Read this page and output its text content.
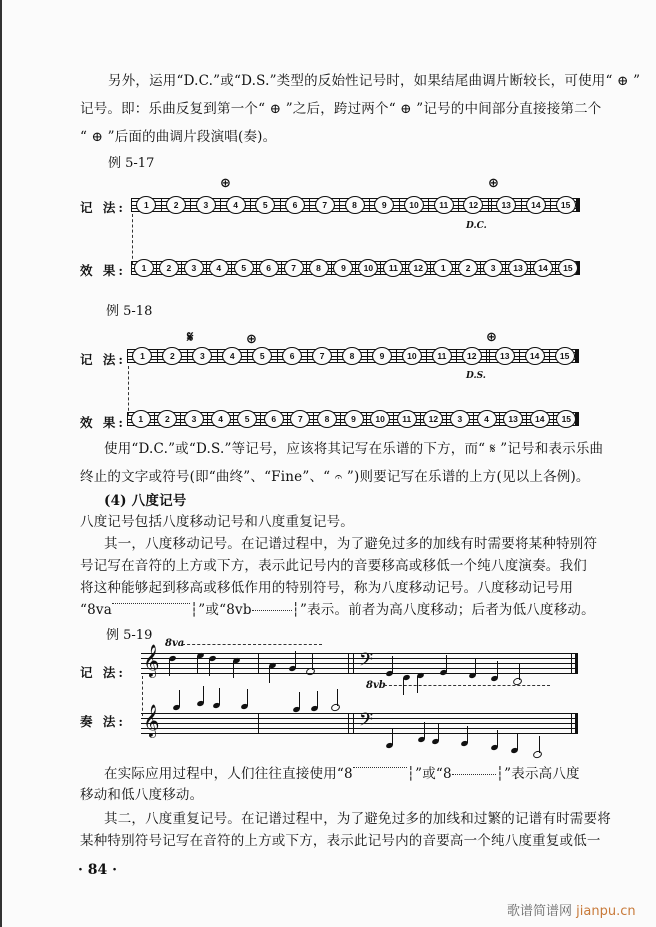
另外，运用“D.C.”或“D.S.”类型的反始性记号时，如果结尾曲调片断较长，可使用“ ⊕ ”
记号。即：乐曲反复到第一个“ ⊕ ”之后，跨过两个“ ⊕ ”记号的中间部分直接接第二个
“ ⊕ ”后面的曲调片段演唱(奏)。
例 5-17
⊕	⊕
记 法:	1	2	3	4	5	6	7	8	9	10	11	12	13	14	15
D.C.
效 果:	1	2	3	4	5	6	7	8	9	10	11	12	1	2	3	13	14	15
例 5-18
𝄋	⊕	⊕
记 法:	1	2	3	4	5	6	7	8	9	10	11	12	13	14	15
D.S.
效 果:	1	2	3	4	5	6	7	8	9	10	11	12	3	4	13	14	15
使用“D.C.”或“D.S.”等记号，应该将其记写在乐谱的下方，而“ 𝄋 ”记号和表示乐曲
终止的文字或符号(即“曲终”、“Fine”、“ 𝄐 ”)则要记写在乐谱的上方(见以上各例)。
(4) 八度记号
八度记号包括八度移动记号和八度重复记号。
其一，八度移动记号。在记谱过程中，为了避免过多的加线有时需要将某种特别符
号记写在音符的上方或下方，表示此记号内的音要移高或移低一个纯八度演奏。我们
将这种能够起到移高或移低作用的特别符号，称为八度移动记号。八度移动记号用
“8va	┆”或“8vb	┆”表示。前者为高八度移动；后者为低八度移动。
例 5-19
8va
记 法: 𝄞	𝄢
8vb
奏 法: 𝄞	𝄢
在实际应用过程中，人们往往直接使用“8	┆”或“8	┆”表示高八度
移动和低八度移动。
其二，八度重复记号。在记谱过程中，为了避免过多的加线和过繁的记谱有时需要将
某种特别符号记写在音符的上方或下方，表示此记号内的音要高一个纯八度重复或低一
· 84 ·
歌谱简谱网 jianpu.cn
